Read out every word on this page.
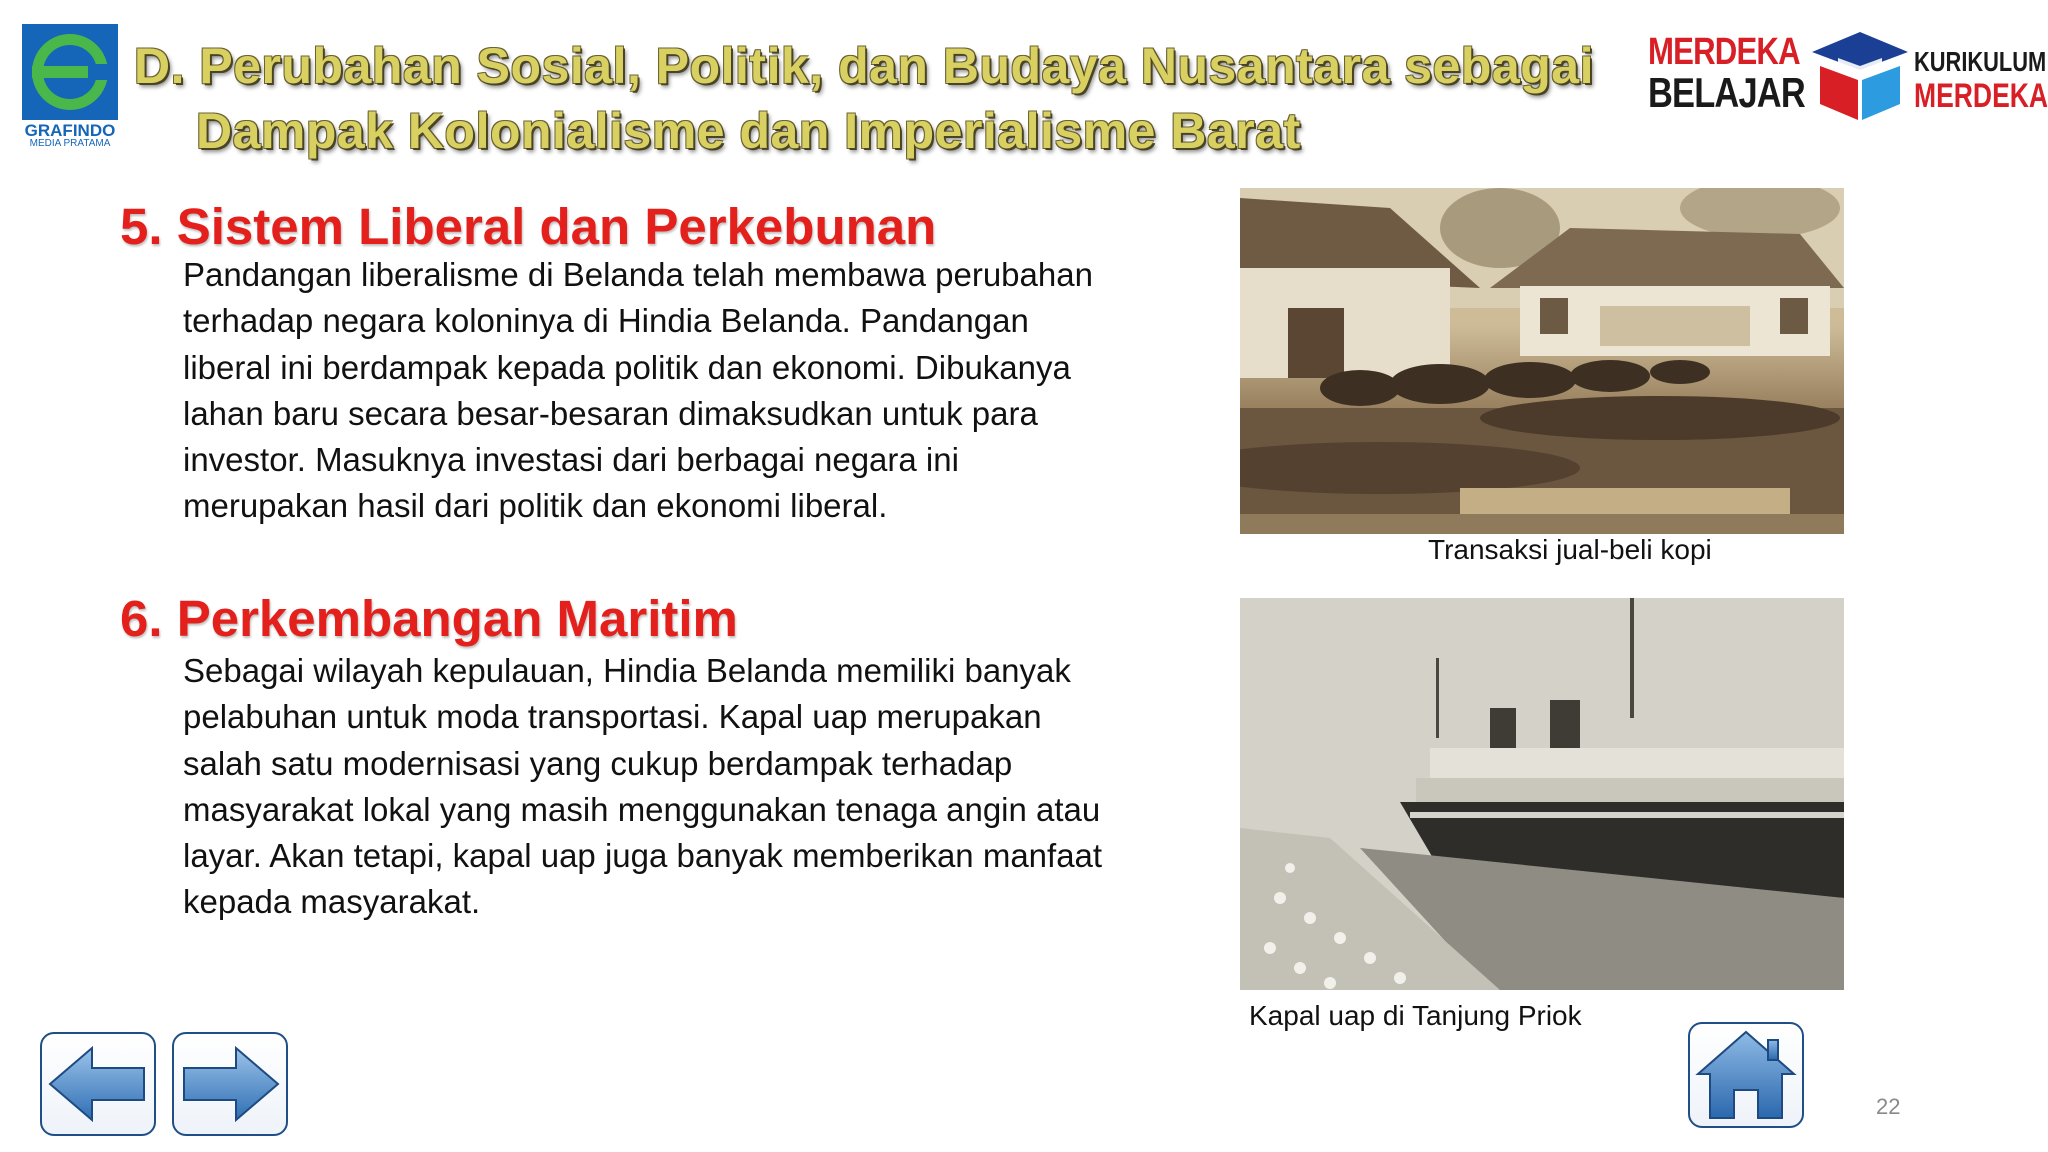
GRAFINDO
MEDIA PRATAMA
D. Perubahan Sosial, Politik, dan Budaya Nusantara sebagai
Dampak Kolonialisme dan Imperialisme Barat
MERDEKA
BELAJAR
KURIKULUM
MERDEKA
5. Sistem Liberal dan Perkebunan
Pandangan liberalisme di Belanda telah membawa perubahan
terhadap negara koloninya di Hindia Belanda. Pandangan
liberal ini berdampak kepada politik dan ekonomi. Dibukanya
lahan baru secara besar-besaran dimaksudkan untuk para
investor. Masuknya investasi dari berbagai negara ini
merupakan hasil dari politik dan ekonomi liberal.
6. Perkembangan Maritim
Sebagai wilayah kepulauan, Hindia Belanda memiliki banyak
pelabuhan untuk moda transportasi. Kapal uap merupakan
salah satu modernisasi yang cukup berdampak terhadap
masyarakat lokal yang masih menggunakan tenaga angin atau
layar. Akan tetapi, kapal uap juga banyak memberikan manfaat
kepada masyarakat.
Transaksi jual-beli kopi
Kapal uap di Tanjung Priok
22
